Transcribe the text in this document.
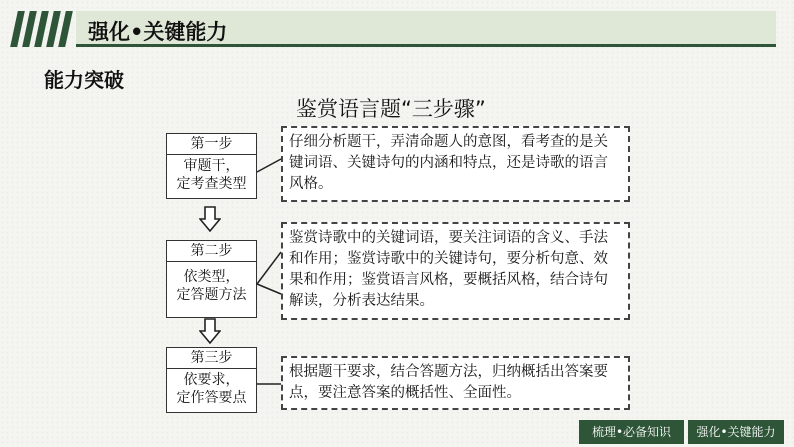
强化•关键能力
能力突破
鉴赏语言题“三步骤”
第一步
审题干，
定考查类型
仔细分析题干，弄清命题人的意图，看考查的是关键词语、关键诗句的内涵和特点，还是诗歌的语言风格。
第二步
依类型，
定答题方法
鉴赏诗歌中的关键词语，要关注词语的含义、手法和作用；鉴赏诗歌中的关键诗句，要分析句意、效果和作用；鉴赏语言风格，要概括风格，结合诗句解读，分析表达结果。
第三步
依要求，
定作答要点
根据题干要求，结合答题方法，归纳概括出答案要点，要注意答案的概括性、全面性。
梳理•必备知识	强化•关键能力
